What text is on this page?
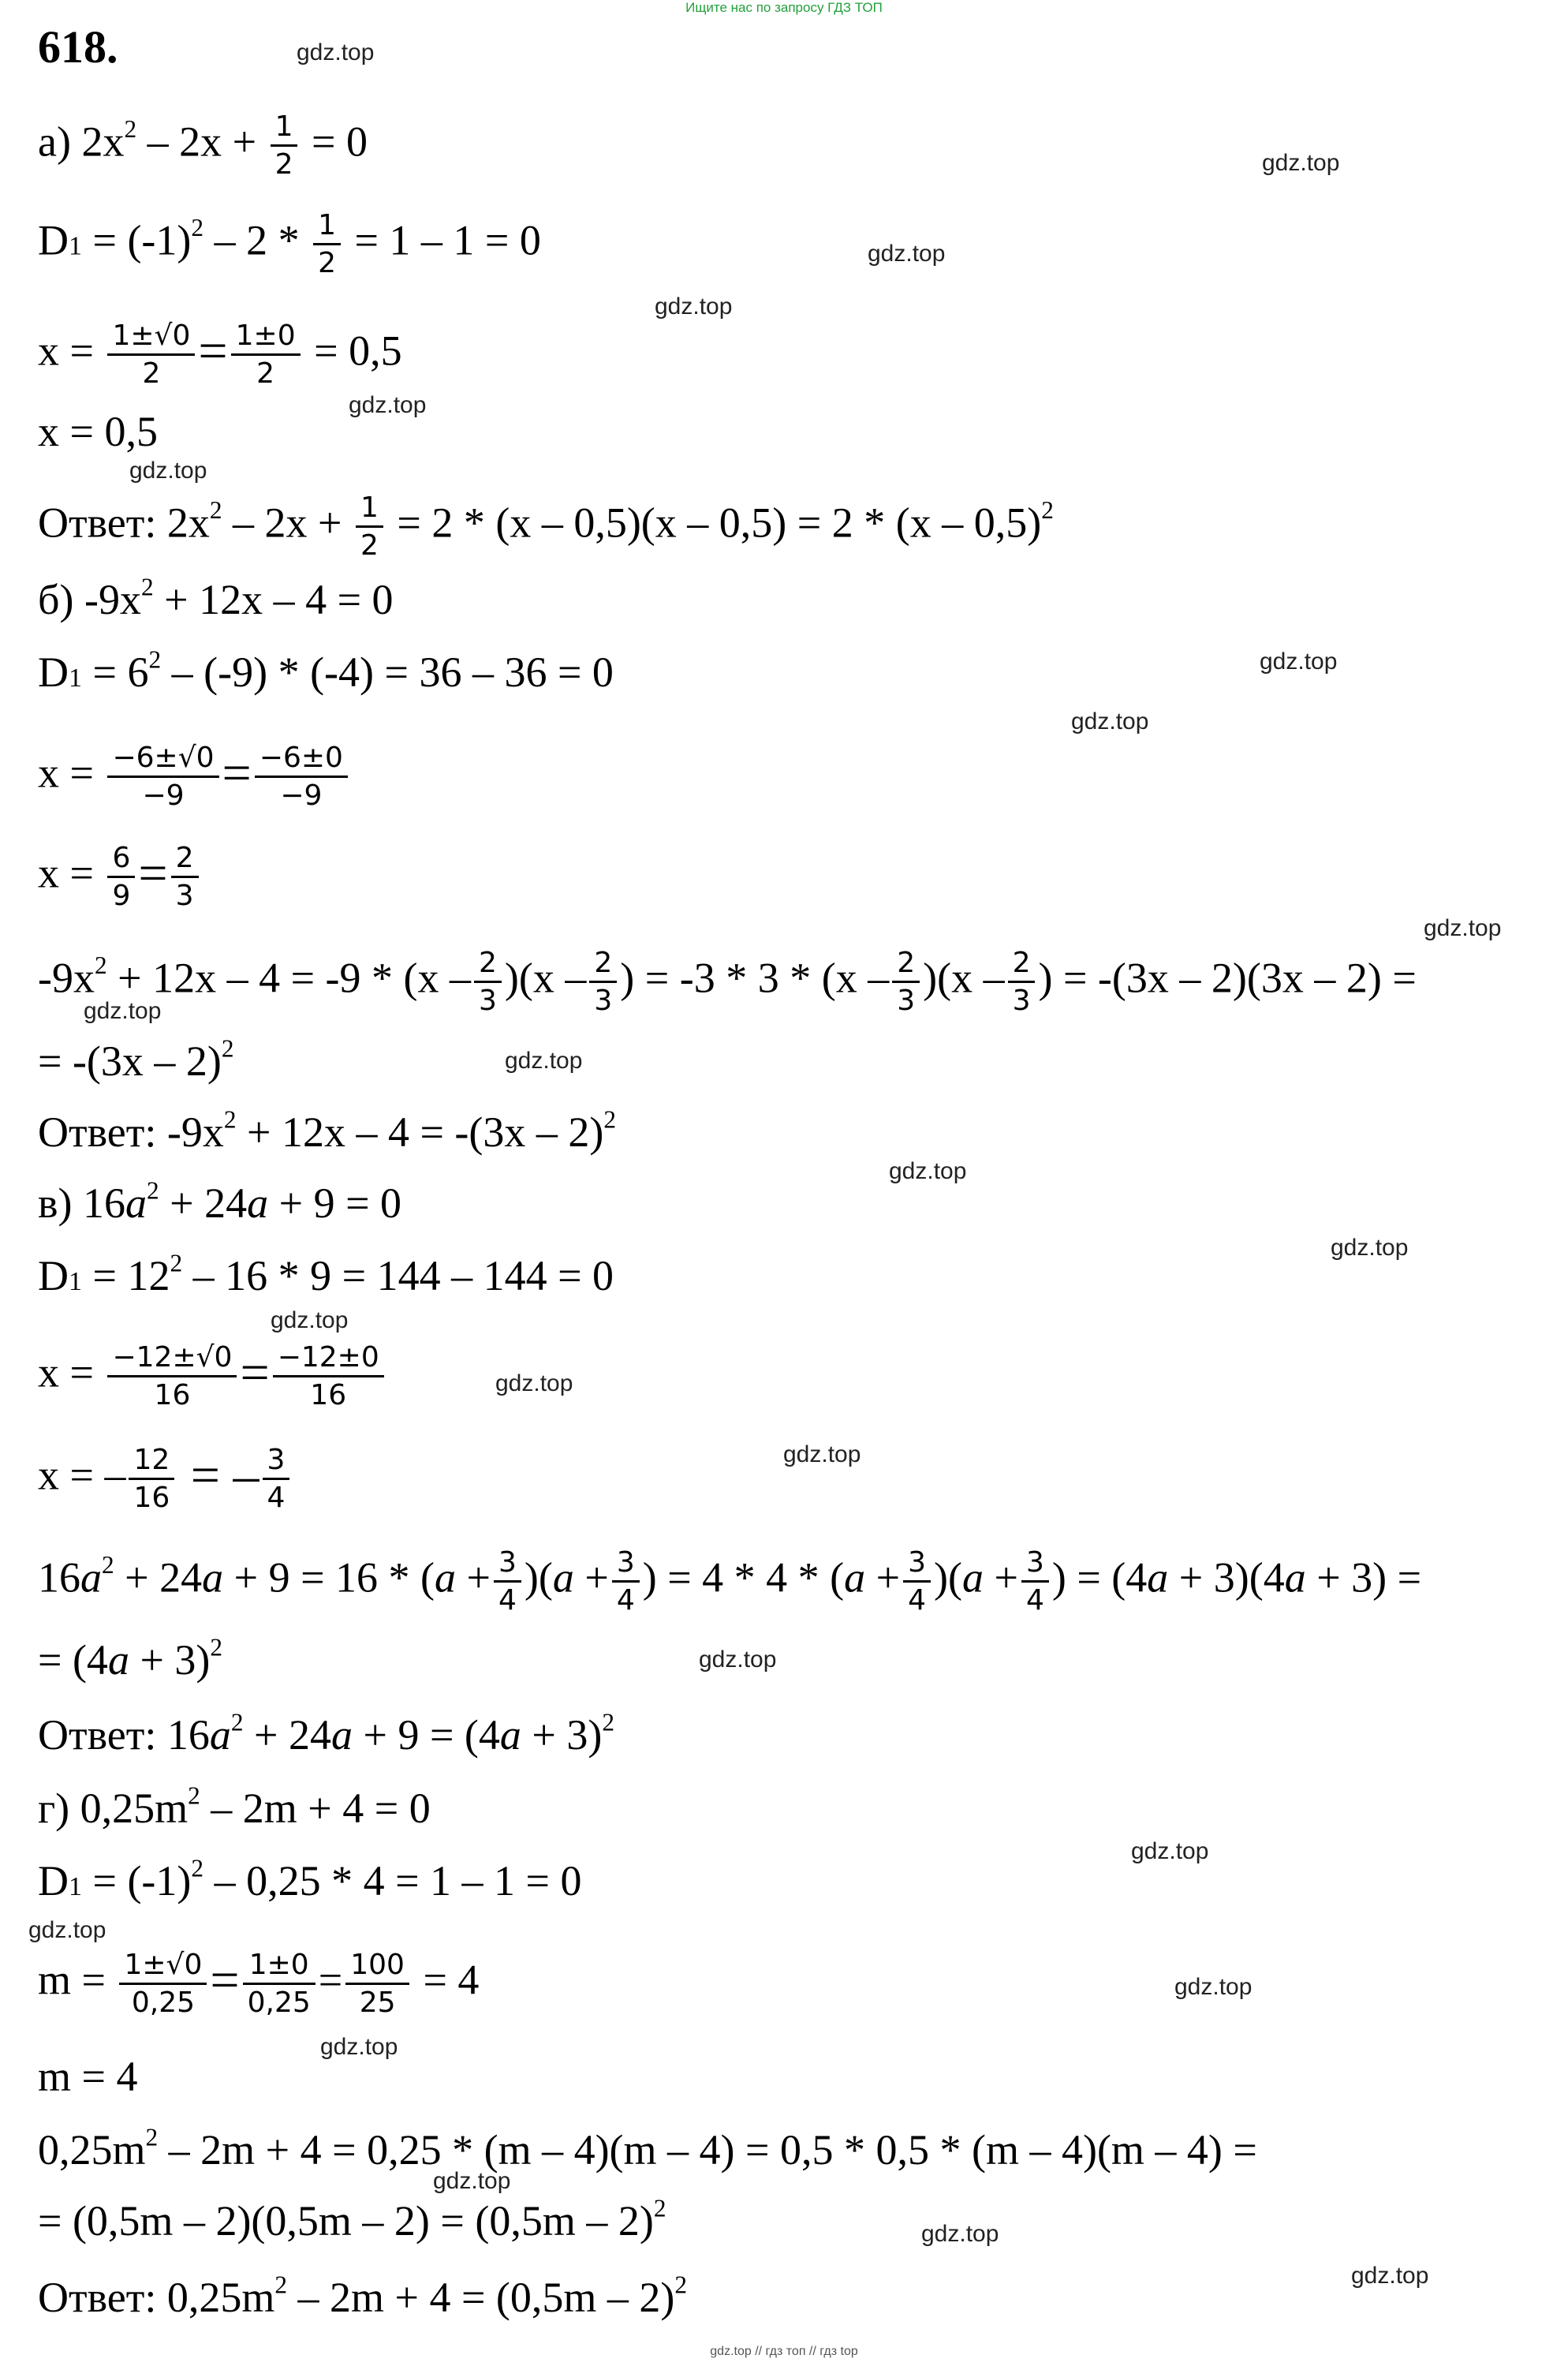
Ищите нас по запросу ГДЗ ТОП
618.
а) $2x^2 - 2x + \frac{1}{2} = 0$
$D1 = (-1)^2 - 2 * \frac{1}{2} = 1 - 1 = 0$
$x = \frac{1\pm√0}{2} = \frac{1\pm 0}{2} = 0,5$
x = 0,5
Ответ: $2x^2 - 2x + \frac{1}{2} = 2 * (x - 0,5)(x - 0,5) = 2 * (x - 0,5)^2$
б) $-9x^2 + 12x - 4 = 0$
$D1 = 6^2 - (-9) * (-4) = 36 - 36 = 0$
$x = \frac{-6\pm√0}{-9} = \frac{-6\pm 0}{-9}$
$x = \frac{6}{9} = \frac{2}{3}$
$-9x^2 + 12x - 4 = -9 * (x - \frac{2}{3} )(x - \frac{2}{3}$ ) = $-3 * 3 * (x - \frac{2}{3} )(x - \frac{2}{3}$ ) = -(3x – 2)(3x – 2) =
= -(3x – 2)$^2$
Ответ: $-9x^2 + 12x - 4 = -(3x - 2)^2$
в) $16a^2 + 24a + 9 = 0$
$D1 = 12^2 - 16 * 9 = 144 - 144 = 0$
$x = \frac{-12\pm√0}{16} = \frac{-12\pm 0}{16}$
x = – $\frac{12}{16}$ = – $\frac{3}{4}$
$16a^2 + 24a + 9 = 16 * (a + \frac{3}{4} )(a + \frac{3}{4}$ ) = $4 * 4 * (a + \frac{3}{4} )(a + \frac{3}{4}$ ) = (4a + 3)(4a + 3) =
= $(4a + 3)^2$
Ответ: $16a^2 + 24a + 9 = (4a + 3)^2$
г) $0,25m^2 - 2m + 4 = 0$
$D1 = (-1)^2 - 0,25 * 4 = 1 - 1 = 0$
$m = \frac{1\pm√0}{0,25} = \frac{1\pm 0}{0,25} = \frac{100}{25} = 4$
m = 4
$0,25m^2 - 2m + 4 = 0,25 * (m - 4)(m - 4) = 0,5 * 0,5 * (m - 4)(m - 4)$ =
= (0,5m – 2)(0,5m – 2) = (0,5m – 2)$^2$
Ответ: $0,25m^2 - 2m + 4 = (0,5m - 2)^2$
gdz.top
gdz.top
gdz.top
gdz.top
gdz.top
gdz.top
gdz.top
gdz.top
gdz.top
gdz.top
gdz.top
gdz.top
gdz.top
gdz.top
gdz.top
gdz.top
gdz.top
gdz.top
gdz.top
gdz.top
gdz.top
gdz.top
gdz.top
gdz.top
gdz.top // гдз топ // гдз top
